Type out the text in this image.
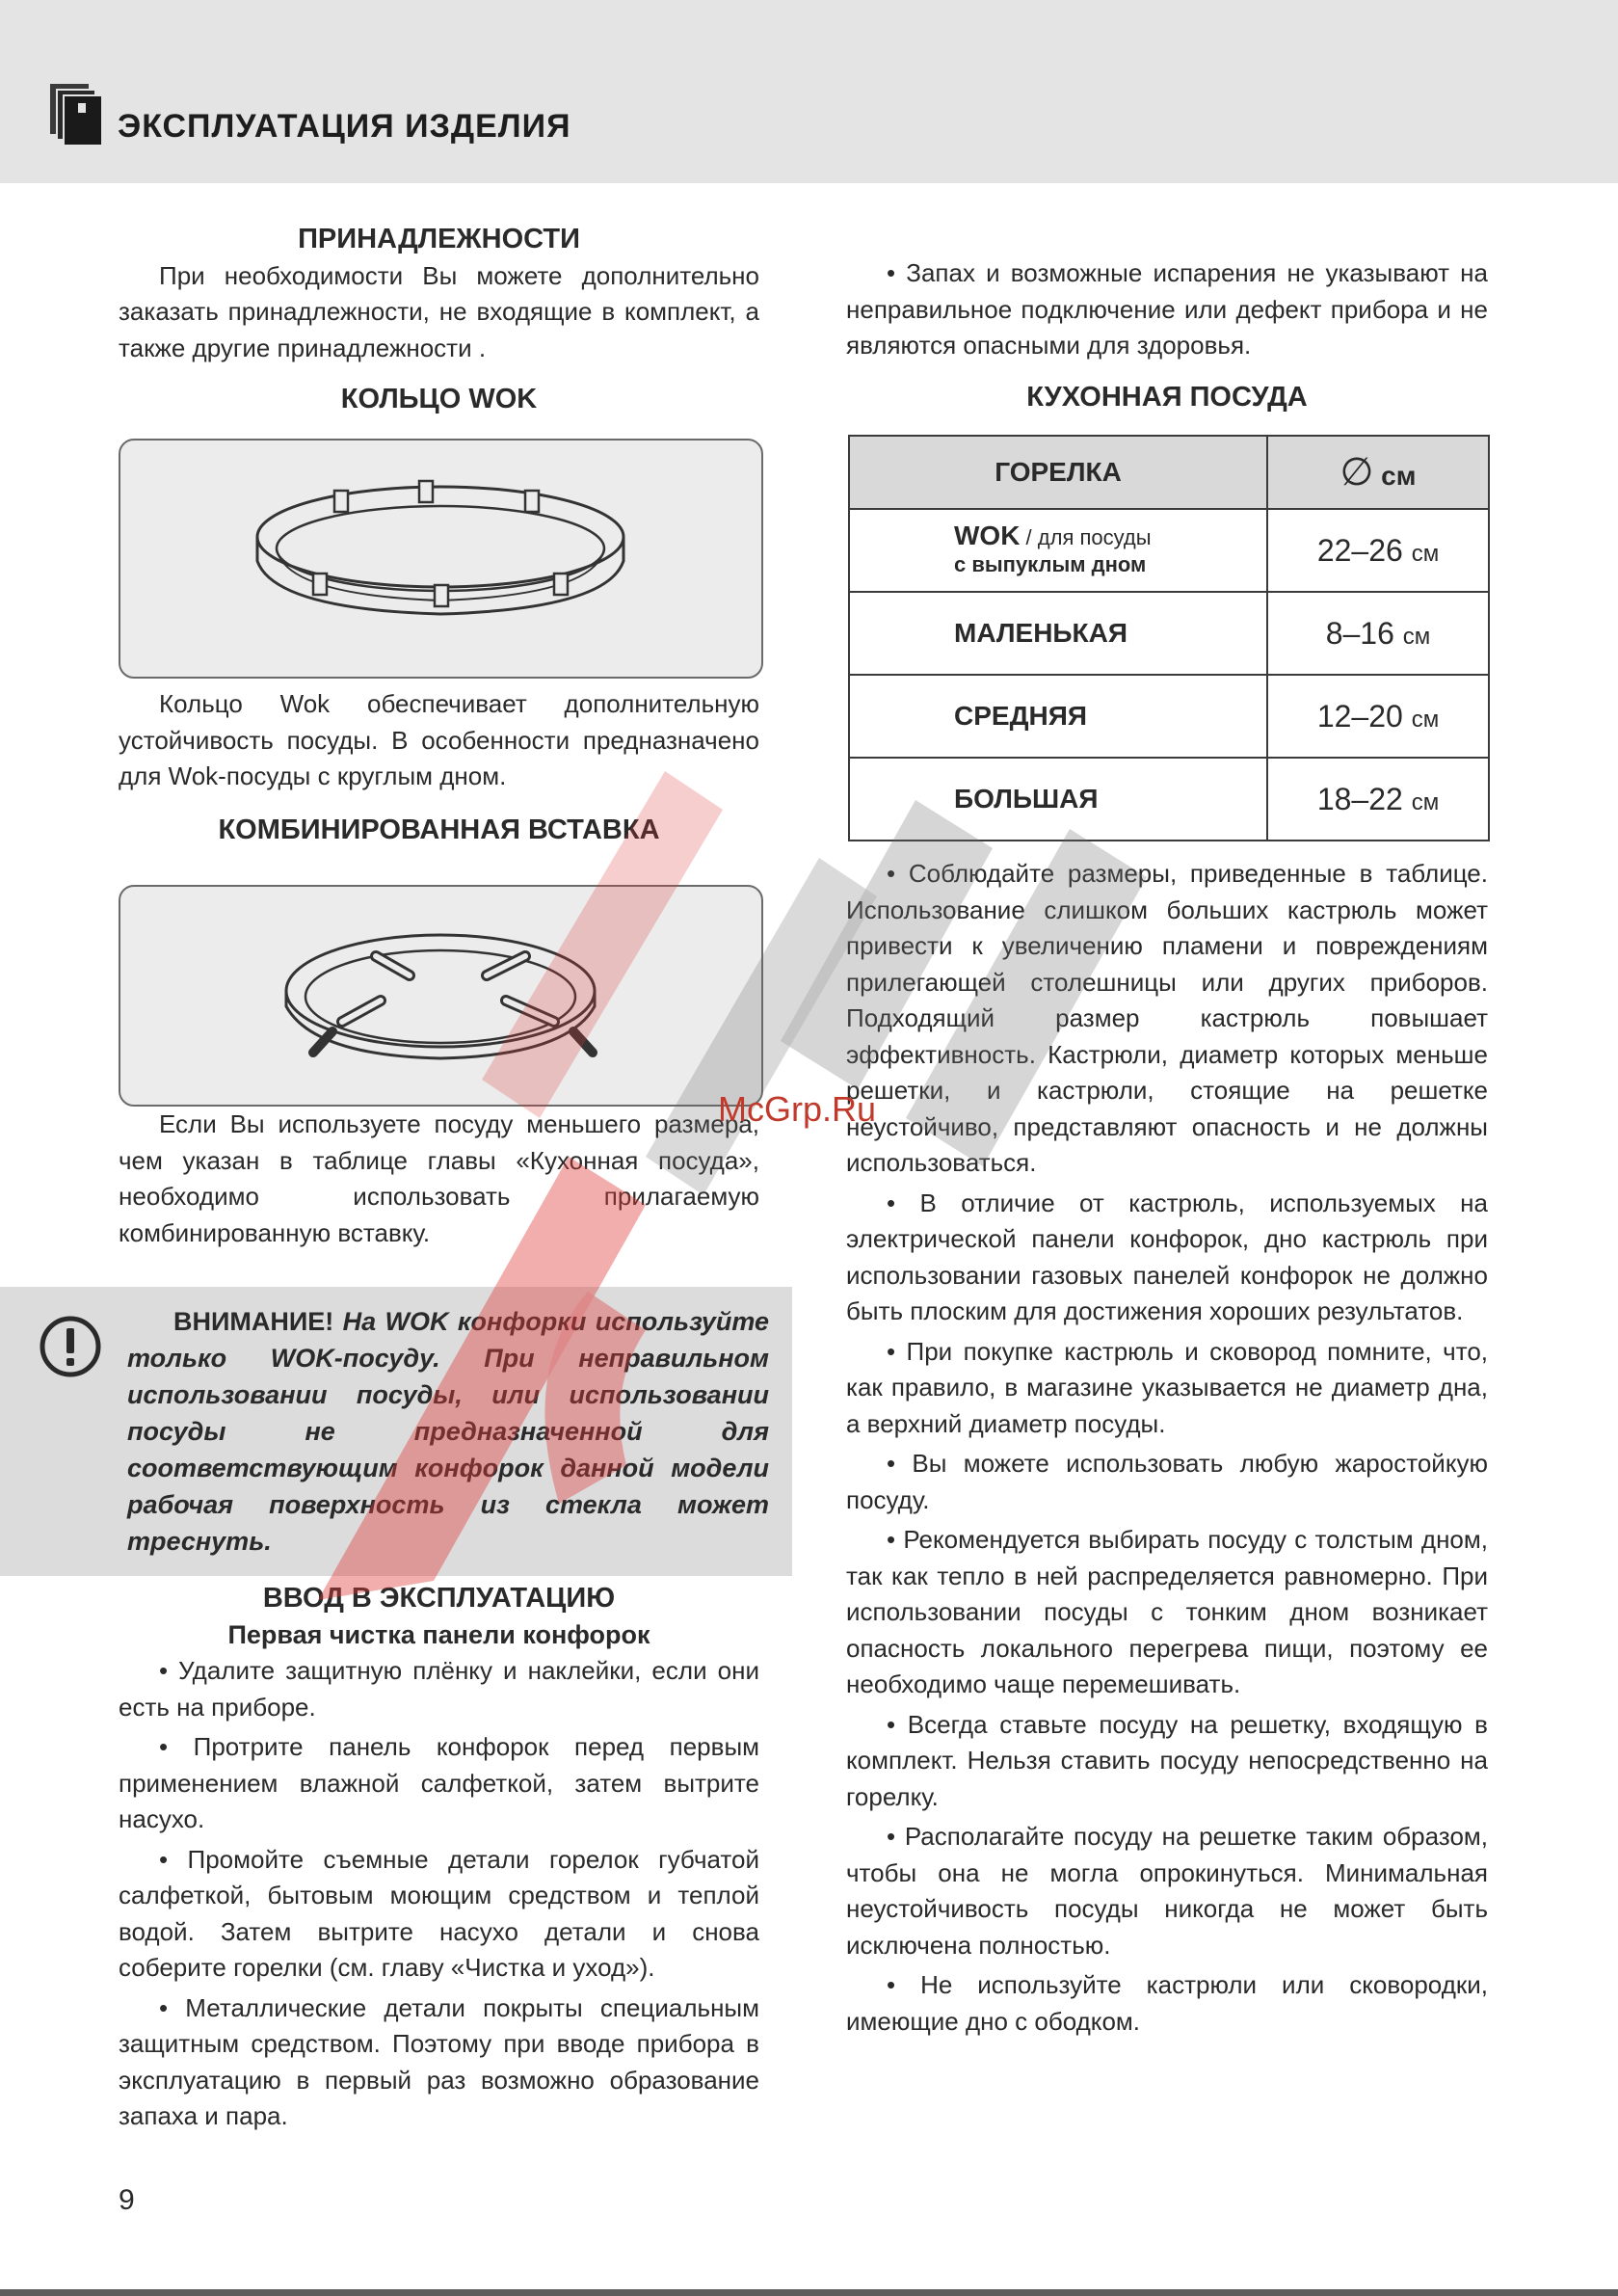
ЭКСПЛУАТАЦИЯ ИЗДЕЛИЯ
ПРИНАДЛЕЖНОСТИ

При необходимости Вы можете дополнительно заказать принадлежности, не входящие в комплект, а также другие принадлежности .

КОЛЬЦО WOK

Кольцо Wok обеспечивает дополнительную устойчивость посуды. В особенности предназначено для Wok-посуды с круглым дном.

КОМБИНИРОВАННАЯ ВСТАВКА

Если Вы используете посуду меньшего размера, чем указан в таблице главы «Кухонная посуда», необходимо использовать прилагаемую комбинированную вставку.

ВНИМАНИЕ! На WOK конфорки используйте только WOK-посуду. При неправильном использовании посуды, или использовании посуды не предназначенной для соответствующим конфорок данной модели рабочая поверхность из стекла может треснуть.
ВВОД В ЭКСПЛУАТАЦИЮ
Первая чистка панели конфорок

• Удалите защитную плёнку и наклейки, если они есть на приборе.

• Протрите панель конфорок перед первым применением влажной салфеткой, затем вытрите насухо.

• Промойте съемные детали горелок губчатой салфеткой, бытовым моющим средством и теплой водой. Затем вытрите насухо детали и снова соберите горелки (см. главу «Чистка и уход»).

• Металлические детали покрыты специальным защитным средством. Поэтому при вводе прибора в эксплуатацию в первый раз возможно образование запаха и пара.

• Запах и возможные испарения не указывают на неправильное подключение или дефект прибора и не являются опасными для здоровья.

КУХОННАЯ ПОСУДА
ГОРЕЛКА	∅ см
WOK / для посуды
с выпуклым дном	22–26 см
МАЛЕНЬКАЯ	8–16 см
СРЕДНЯЯ	12–20 см
БОЛЬШАЯ	18–22 см

• Соблюдайте размеры, приведенные в таблице. Использование слишком больших кастрюль может привести к увеличению пламени и повреждениям прилегающей столешницы или других приборов. Подходящий размер кастрюль повышает эффективность. Кастрюли, диаметр которых меньше решетки, и кастрюли, стоящие на решетке неустойчиво, представляют опасность и не должны использоваться.

• В отличие от кастрюль, используемых на электрической панели конфорок, дно кастрюль при использовании газовых панелей конфорок не должно быть плоским для достижения хороших результатов.

• При покупке кастрюль и сковород помните, что, как правило, в магазине указывается не диаметр дна, а верхний диаметр посуды.

• Вы можете использовать любую жаростойкую посуду.

• Рекомендуется выбирать посуду с толстым дном, так как тепло в ней распределяется равномерно. При использовании посуды с тонким дном возникает опасность локального перегрева пищи, поэтому ее необходимо чаще перемешивать.

• Всегда ставьте посуду на решетку, входящую в комплект. Нельзя ставить посуду непосредственно на горелку.

• Располагайте посуду на решетке таким образом, чтобы она не могла опрокинуться. Минимальная неустойчивость посуды никогда не может быть исключена полностью.

• Не используйте кастрюли или сковородки, имеющие дно с ободком.

McGrp.Ru
9
